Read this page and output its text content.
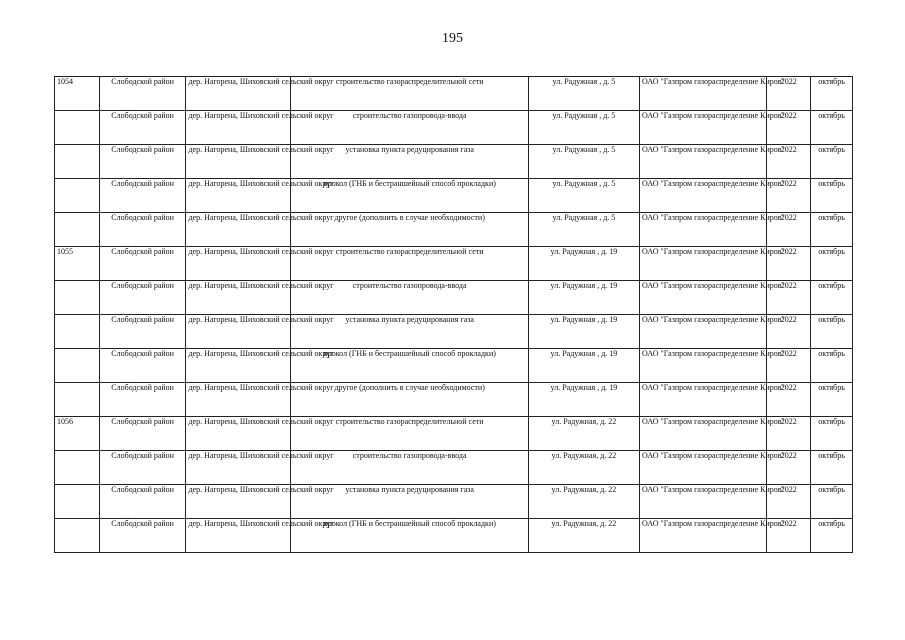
195
1054	Слободской район	дер. Нагорена, Шиховский сельский округ	строительство газораспределительной сети	ул. Радужная , д. 5	ОАО "Газпром газораспределение Киров"	2022	октябрь
	Слободской район	дер. Нагорена, Шиховский сельский округ	строительство газопровода-ввода	ул. Радужная , д. 5	ОАО "Газпром газораспределение Киров"	2022	октябрь
	Слободской район	дер. Нагорена, Шиховский сельский округ	установка пункта редуцирования газа	ул. Радужная , д. 5	ОАО "Газпром газораспределение Киров"	2022	октябрь
	Слободской район	дер. Нагорена, Шиховский сельский округ	прокол (ГНБ и бестраншейный способ прокладки)	ул. Радужная , д. 5	ОАО "Газпром газораспределение Киров"	2022	октябрь
	Слободской район	дер. Нагорена, Шиховский сельский округ	другое (дополнить в случае необходимости)	ул. Радужная , д. 5	ОАО "Газпром газораспределение Киров"	2022	октябрь
1055	Слободской район	дер. Нагорена, Шиховский сельский округ	строительство газораспределительной сети	ул. Радужная , д. 19	ОАО "Газпром газораспределение Киров"	2022	октябрь
	Слободской район	дер. Нагорена, Шиховский сельский округ	строительство газопровода-ввода	ул. Радужная , д. 19	ОАО "Газпром газораспределение Киров"	2022	октябрь
	Слободской район	дер. Нагорена, Шиховский сельский округ	установка пункта редуцирования газа	ул. Радужная , д. 19	ОАО "Газпром газораспределение Киров"	2022	октябрь
	Слободской район	дер. Нагорена, Шиховский сельский округ	прокол (ГНБ и бестраншейный способ прокладки)	ул. Радужная , д. 19	ОАО "Газпром газораспределение Киров"	2022	октябрь
	Слободской район	дер. Нагорена, Шиховский сельский округ	другое (дополнить в случае необходимости)	ул. Радужная , д. 19	ОАО "Газпром газораспределение Киров"	2022	октябрь
1056	Слободской район	дер. Нагорена, Шиховский сельский округ	строительство газораспределительной сети	ул. Радужная, д. 22	ОАО "Газпром газораспределение Киров"	2022	октябрь
	Слободской район	дер. Нагорена, Шиховский сельский округ	строительство газопровода-ввода	ул. Радужная, д. 22	ОАО "Газпром газораспределение Киров"	2022	октябрь
	Слободской район	дер. Нагорена, Шиховский сельский округ	установка пункта редуцирования газа	ул. Радужная, д. 22	ОАО "Газпром газораспределение Киров"	2022	октябрь
	Слободской район	дер. Нагорена, Шиховский сельский округ	прокол (ГНБ и бестраншейный способ прокладки)	ул. Радужная, д. 22	ОАО "Газпром газораспределение Киров"	2022	октябрь
